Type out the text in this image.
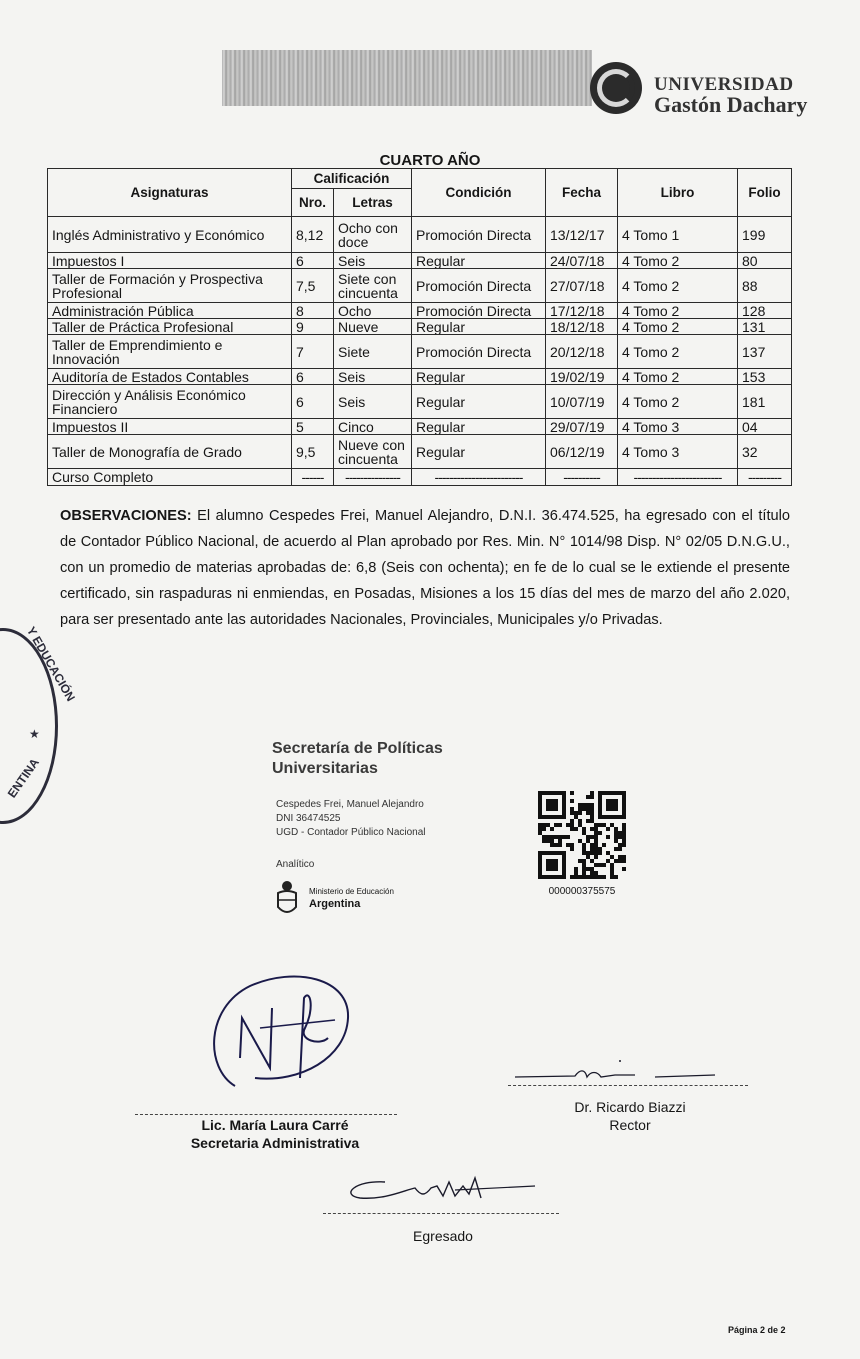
UNIVERSIDAD
Gastón Dachary
CUARTO AÑO
Asignaturas	Calificación		Condición	Fecha	Libro	Folio
	Nro.	Letras				
Inglés Administrativo y Económico	8,12	Ocho con doce	Promoción Directa	13/12/17	4 Tomo 1	199
Impuestos I	6	Seis	Regular	24/07/18	4 Tomo 2	80
Taller de Formación y Prospectiva Profesional	7,5	Siete con cincuenta	Promoción Directa	27/07/18	4 Tomo 2	88
Administración Pública	8	Ocho	Promoción Directa	17/12/18	4 Tomo 2	128
Taller de Práctica Profesional	9	Nueve	Regular	18/12/18	4 Tomo 2	131
Taller de Emprendimiento e Innovación	7	Siete	Promoción Directa	20/12/18	4 Tomo 2	137
Auditoría de Estados Contables	6	Seis	Regular	19/02/19	4 Tomo 2	153
Dirección y Análisis Económico Financiero	6	Seis	Regular	10/07/19	4 Tomo 2	181
Impuestos II	5	Cinco	Regular	29/07/19	4 Tomo 3	04
Taller de Monografía de Grado	9,5	Nueve con cincuenta	Regular	06/12/19	4 Tomo 3	32
Curso Completo	------	---------------	------------------------	----------	------------------------	---------
OBSERVACIONES: El alumno Cespedes Frei, Manuel Alejandro, D.N.I. 36.474.525, ha egresado con el título de Contador Público Nacional, de acuerdo al Plan aprobado por Res. Min. N° 1014/98 Disp. N° 02/05 D.N.G.U., con un promedio de materias aprobadas de: 6,8 (Seis con ochenta); en fe de lo cual se le extiende el presente certificado, sin raspaduras ni enmiendas, en Posadas, Misiones a los 15 días del mes de marzo del año 2.020, para ser presentado ante las autoridades Nacionales, Provinciales, Municipales y/o Privadas.
Y EDUCACIÓN
★
ENTINA
Secretaría de Políticas
Universitarias
Cespedes Frei, Manuel Alejandro
DNI 36474525
UGD - Contador Público Nacional
Analítico
Ministerio de Educación
Argentina
000000375575
Lic. María Laura Carré
Secretaria Administrativa
Dr. Ricardo Biazzi
Rector
Egresado
Página 2 de 2
